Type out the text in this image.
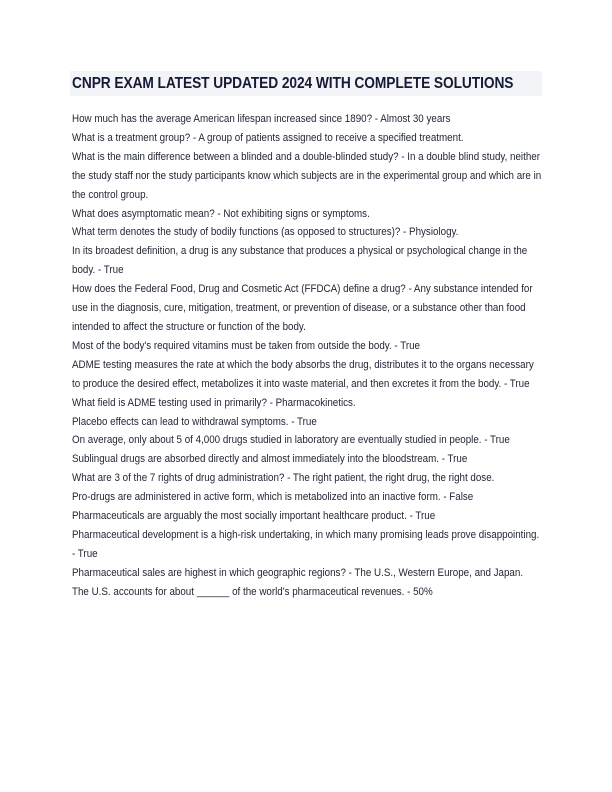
CNPR EXAM LATEST UPDATED 2024 WITH COMPLETE SOLUTIONS

How much has the average American lifespan increased since 1890? - Almost 30 years

What is a treatment group? - A group of patients assigned to receive a specified treatment.

What is the main difference between a blinded and a double-blinded study? - In a double blind study, neither the study staff nor the study participants know which subjects are in the experimental group and which are in the control group.

What does asymptomatic mean? - Not exhibiting signs or symptoms.

What term denotes the study of bodily functions (as opposed to structures)? - Physiology.

In its broadest definition, a drug is any substance that produces a physical or psychological change in the body. - True

How does the Federal Food, Drug and Cosmetic Act (FFDCA) define a drug? - Any substance intended for use in the diagnosis, cure, mitigation, treatment, or prevention of disease, or a substance other than food intended to affect the structure or function of the body.

Most of the body's required vitamins must be taken from outside the body. - True

ADME testing measures the rate at which the body absorbs the drug, distributes it to the organs necessary to produce the desired effect, metabolizes it into waste material, and then excretes it from the body. - True

What field is ADME testing used in primarily? - Pharmacokinetics.

Placebo effects can lead to withdrawal symptoms. - True

On average, only about 5 of 4,000 drugs studied in laboratory are eventually studied in people. - True

Sublingual drugs are absorbed directly and almost immediately into the bloodstream. - True

What are 3 of the 7 rights of drug administration? - The right patient, the right drug, the right dose.

Pro-drugs are administered in active form, which is metabolized into an inactive form. - False

Pharmaceuticals are arguably the most socially important healthcare product. - True

Pharmaceutical development is a high-risk undertaking, in which many promising leads prove disappointing. - True

Pharmaceutical sales are highest in which geographic regions? - The U.S., Western Europe, and Japan.

The U.S. accounts for about ______ of the world's pharmaceutical revenues. - 50%
